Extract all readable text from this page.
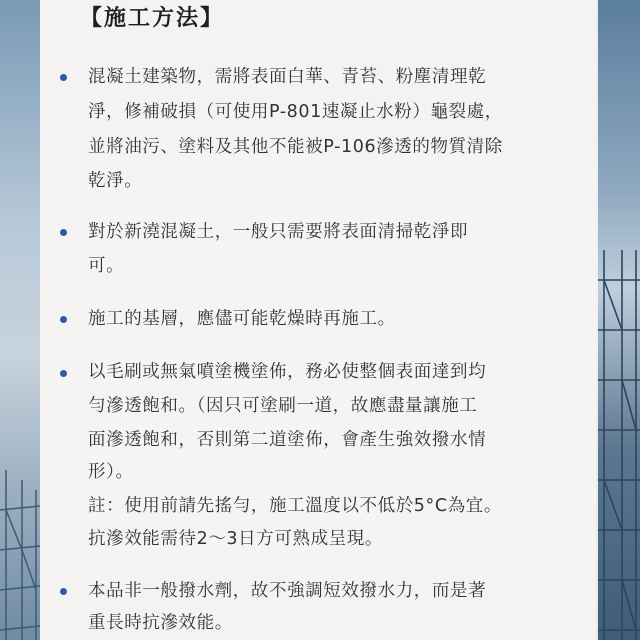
【施工方法】
混凝土建築物，需將表面白華、青苔、粉塵清理乾
淨，修補破損（可使用P-801速凝止水粉）龜裂處，
並將油污、塗料及其他不能被P-106滲透的物質清除
乾淨。
對於新澆混凝土，一般只需要將表面清掃乾淨即
可。
施工的基層，應儘可能乾燥時再施工。
以毛刷或無氣噴塗機塗佈，務必使整個表面達到均
勻滲透飽和。（因只可塗刷一道，故應盡量讓施工
面滲透飽和，否則第二道塗佈，會產生強效撥水情
形）。
註：使用前請先搖勻，施工溫度以不低於5°C為宜。
抗滲效能需待2～3日方可熟成呈現。
本品非一般撥水劑，故不強調短效撥水力，而是著
重長時抗滲效能。
